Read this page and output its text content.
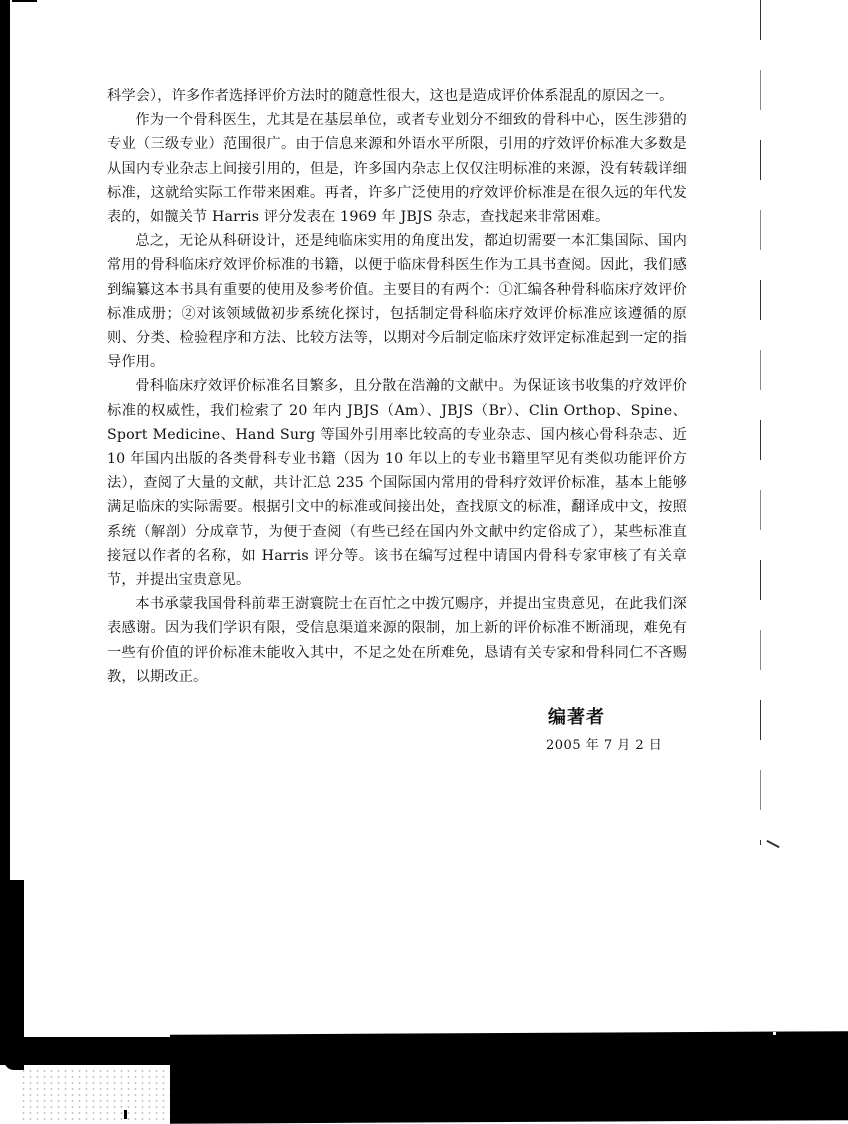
科学会），许多作者选择评价方法时的随意性很大，这也是造成评价体系混乱的原因之一。

作为一个骨科医生，尤其是在基层单位，或者专业划分不细致的骨科中心，医生涉猎的专业（三级专业）范围很广。由于信息来源和外语水平所限，引用的疗效评价标准大多数是从国内专业杂志上间接引用的，但是，许多国内杂志上仅仅注明标准的来源，没有转载详细标准，这就给实际工作带来困难。再者，许多广泛使用的疗效评价标准是在很久远的年代发表的，如髋关节 Harris 评分发表在 1969 年 JBJS 杂志，查找起来非常困难。

总之，无论从科研设计，还是纯临床实用的角度出发，都迫切需要一本汇集国际、国内常用的骨科临床疗效评价标准的书籍，以便于临床骨科医生作为工具书查阅。因此，我们感到编纂这本书具有重要的使用及参考价值。主要目的有两个：①汇编各种骨科临床疗效评价标准成册；②对该领域做初步系统化探讨，包括制定骨科临床疗效评价标准应该遵循的原则、分类、检验程序和方法、比较方法等，以期对今后制定临床疗效评定标准起到一定的指导作用。

骨科临床疗效评价标准名目繁多，且分散在浩瀚的文献中。为保证该书收集的疗效评价标准的权威性，我们检索了 20 年内 JBJS（Am）、JBJS（Br）、Clin Orthop、Spine、Sport Medicine、Hand Surg 等国外引用率比较高的专业杂志、国内核心骨科杂志、近 10 年国内出版的各类骨科专业书籍（因为 10 年以上的专业书籍里罕见有类似功能评价方法），查阅了大量的文献，共计汇总 235 个国际国内常用的骨科疗效评价标准，基本上能够满足临床的实际需要。根据引文中的标准或间接出处，查找原文的标准，翻译成中文，按照系统（解剖）分成章节，为便于查阅（有些已经在国内外文献中约定俗成了），某些标准直接冠以作者的名称，如 Harris 评分等。该书在编写过程中请国内骨科专家审核了有关章节，并提出宝贵意见。

本书承蒙我国骨科前辈王澍寰院士在百忙之中拨冗赐序，并提出宝贵意见，在此我们深表感谢。因为我们学识有限，受信息渠道来源的限制，加上新的评价标准不断涌现，难免有一些有价值的评价标准未能收入其中，不足之处在所难免，恳请有关专家和骨科同仁不吝赐教，以期改正。

编著者
2005 年 7 月 2 日
